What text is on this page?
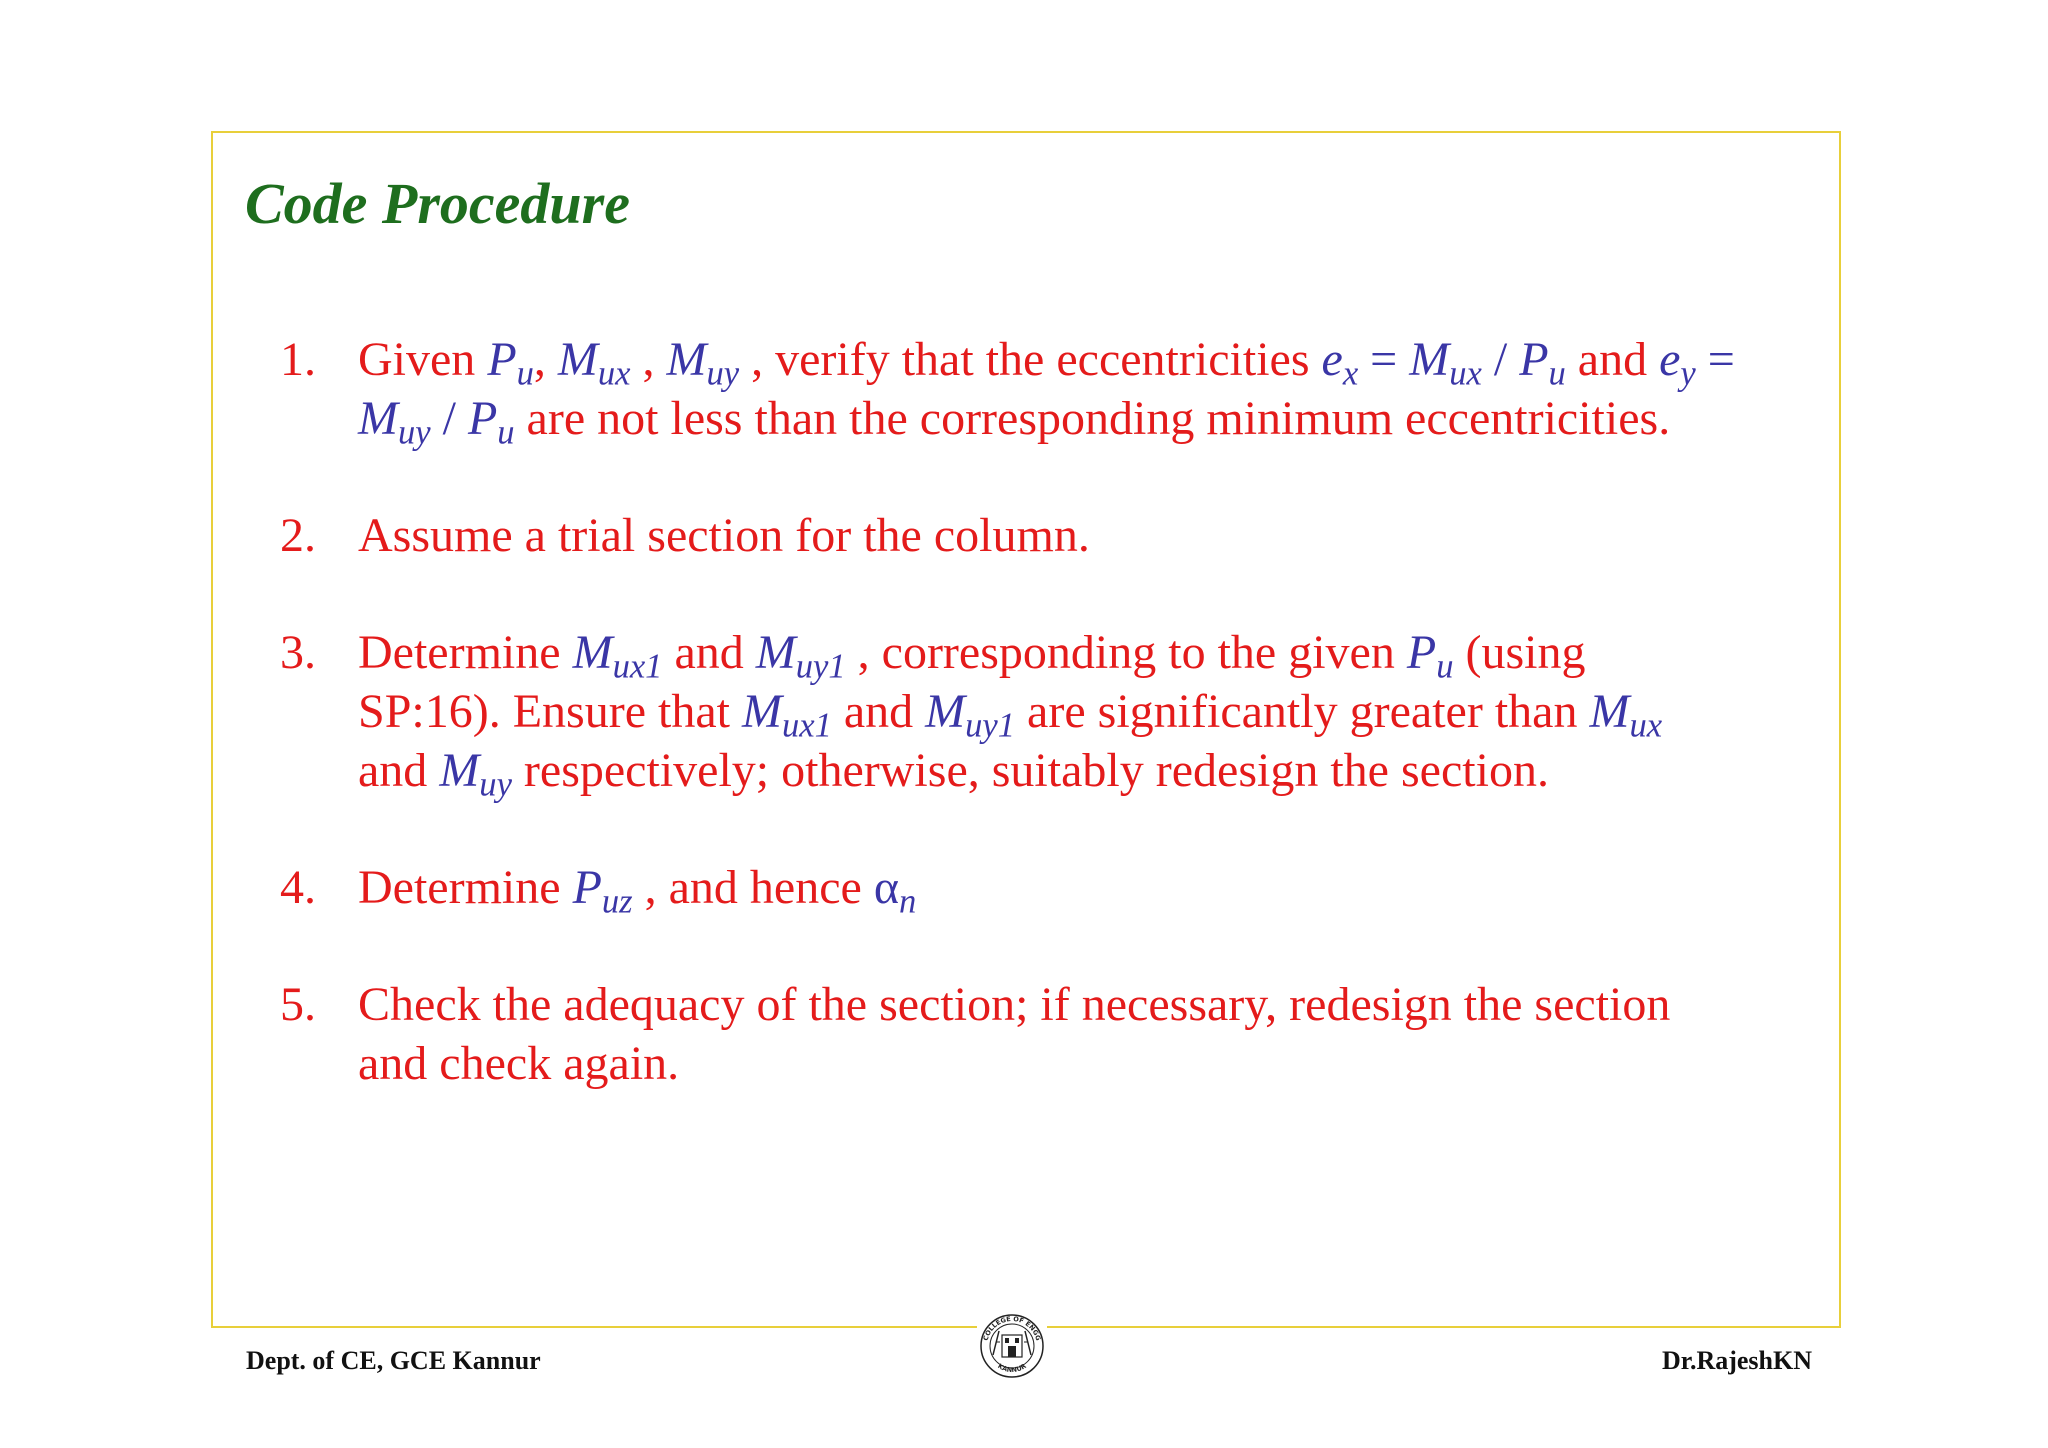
Code Procedure
1. Given $P_u$, $M_{ux}$ , $M_{uy}$ , verify that the eccentricities $e_x = M_{ux} / P_u$ and $e_y = M_{uy} / P_u$ are not less than the corresponding minimum eccentricities.
2. Assume a trial section for the column.
3. Determine $M_{ux1}$ and $M_{uy1}$ , corresponding to the given $P_u$ (using SP:16). Ensure that $M_{ux1}$ and $M_{uy1}$ are significantly greater than $M_{ux}$ and $M_{uy}$ respectively; otherwise, suitably redesign the section.
4. Determine $P_{uz}$ , and hence $\alpha_n$
5. Check the adequacy of the section; if necessary, redesign the section and check again.
COLLEGE OF ENGG
KANNUR
Dept. of CE, GCE Kannur	Dr.RajeshKN
